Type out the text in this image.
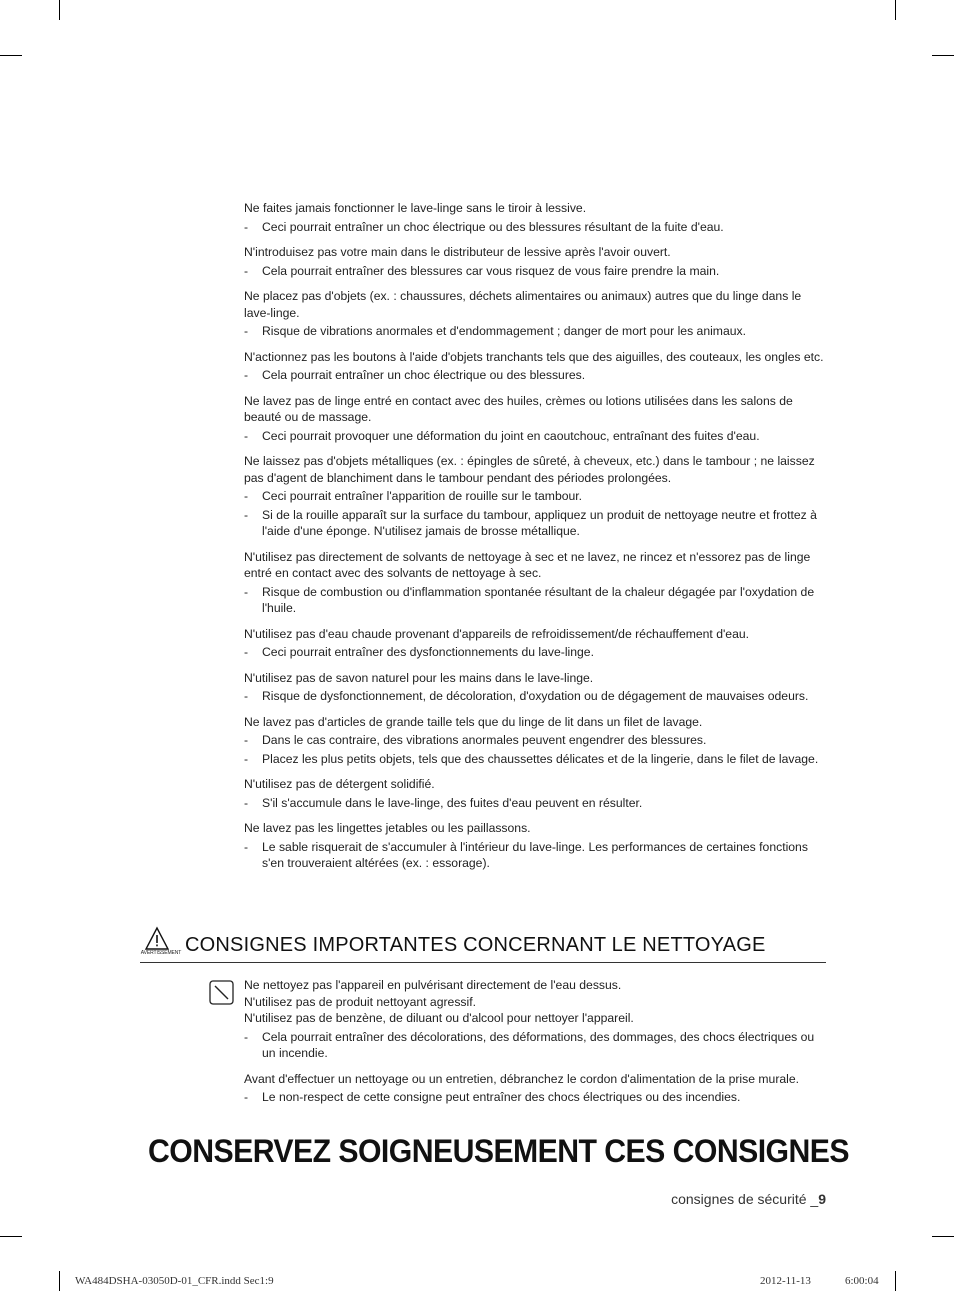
Ne faites jamais fonctionner le lave-linge sans le tiroir à lessive.

- Ceci pourrait entraîner un choc électrique ou des blessures résultant de la fuite d'eau.

N'introduisez pas votre main dans le distributeur de lessive après l'avoir ouvert.

- Cela pourrait entraîner des blessures car vous risquez de vous faire prendre la main.

Ne placez pas d'objets (ex. : chaussures, déchets alimentaires ou animaux) autres que du linge dans le lave-linge.

- Risque de vibrations anormales et d'endommagement ; danger de mort pour les animaux.

N'actionnez pas les boutons à l'aide d'objets tranchants tels que des aiguilles, des couteaux, les ongles etc.

- Cela pourrait entraîner un choc électrique ou des blessures.

Ne lavez pas de linge entré en contact avec des huiles, crèmes ou lotions utilisées dans les salons de beauté ou de massage.

- Ceci pourrait provoquer une déformation du joint en caoutchouc, entraînant des fuites d'eau.

Ne laissez pas d'objets métalliques (ex. : épingles de sûreté, à cheveux, etc.) dans le tambour ; ne laissez pas d'agent de blanchiment dans le tambour pendant des périodes prolongées.

- Ceci pourrait entraîner l'apparition de rouille sur le tambour.
- Si de la rouille apparaît sur la surface du tambour, appliquez un produit de nettoyage neutre et frottez à l'aide d'une éponge. N'utilisez jamais de brosse métallique.

N'utilisez pas directement de solvants de nettoyage à sec et ne lavez, ne rincez et n'essorez pas de linge entré en contact avec des solvants de nettoyage à sec.

- Risque de combustion ou d'inflammation spontanée résultant de la chaleur dégagée par l'oxydation de l'huile.

N'utilisez pas d'eau chaude provenant d'appareils de refroidissement/de réchauffement d'eau.

- Ceci pourrait entraîner des dysfonctionnements du lave-linge.

N'utilisez pas de savon naturel pour les mains dans le lave-linge.

- Risque de dysfonctionnement, de décoloration, d'oxydation ou de dégagement de mauvaises odeurs.

Ne lavez pas d'articles de grande taille tels que du linge de lit dans un filet de lavage.

- Dans le cas contraire, des vibrations anormales peuvent engendrer des blessures.
- Placez les plus petits objets, tels que des chaussettes délicates et de la lingerie, dans le filet de lavage.

N'utilisez pas de détergent solidifié.

- S'il s'accumule dans le lave-linge, des fuites d'eau peuvent en résulter.

Ne lavez pas les lingettes jetables ou les paillassons.

- Le sable risquerait de s'accumuler à l'intérieur du lave-linge. Les performances de certaines fonctions s'en trouveraient altérées (ex. : essorage).
AVERTISSEMENT CONSIGNES IMPORTANTES CONCERNANT LE NETTOYAGE

Ne nettoyez pas l'appareil en pulvérisant directement de l'eau dessus.

N'utilisez pas de produit nettoyant agressif.

N'utilisez pas de benzène, de diluant ou d'alcool pour nettoyer l'appareil.

- Cela pourrait entraîner des décolorations, des déformations, des dommages, des chocs électriques ou un incendie.

Avant d'effectuer un nettoyage ou un entretien, débranchez le cordon d'alimentation de la prise murale.

- Le non-respect de cette consigne peut entraîner des chocs électriques ou des incendies.
CONSERVEZ SOIGNEUSEMENT CES CONSIGNES
consignes de sécurité _9
WA484DSHA-03050D-01_CFR.indd Sec1:9	2012-11-13	6:00:04
